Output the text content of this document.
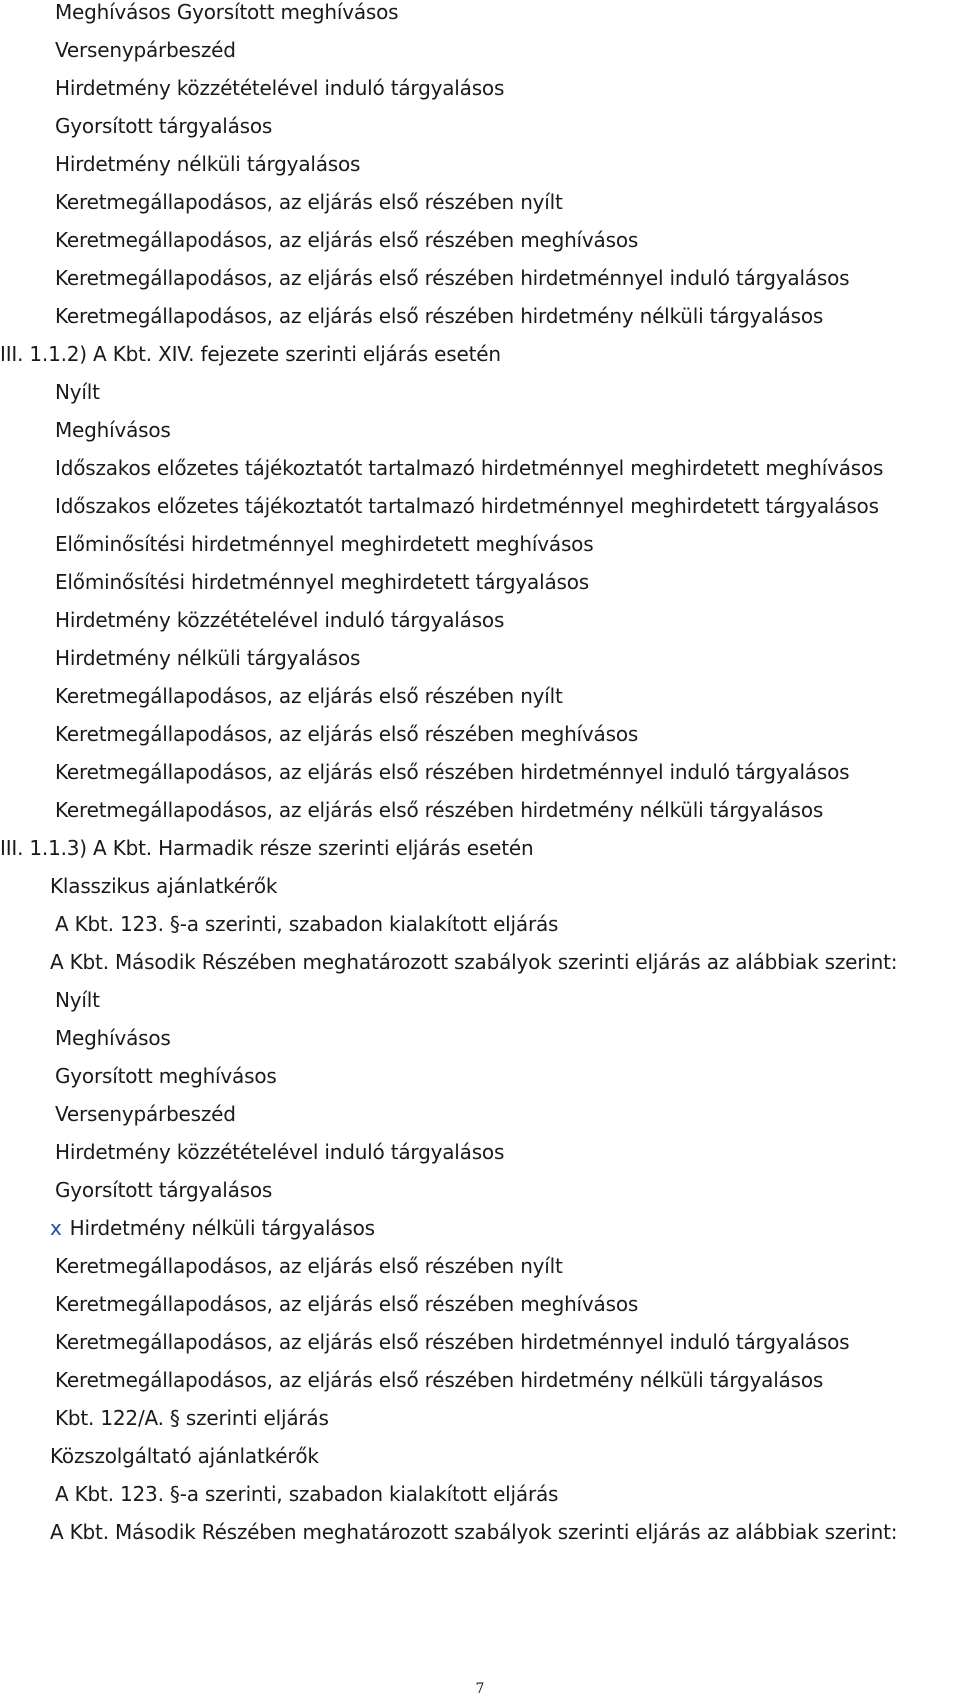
Meghívásos Gyorsított meghívásos
Versenypárbeszéd
Hirdetmény közzétételével induló tárgyalásos
Gyorsított tárgyalásos
Hirdetmény nélküli tárgyalásos
Keretmegállapodásos, az eljárás első részében nyílt
Keretmegállapodásos, az eljárás első részében meghívásos
Keretmegállapodásos, az eljárás első részében hirdetménnyel induló tárgyalásos
Keretmegállapodásos, az eljárás első részében hirdetmény nélküli tárgyalásos
III. 1.1.2) A Kbt. XIV. fejezete szerinti eljárás esetén
Nyílt
Meghívásos
Időszakos előzetes tájékoztatót tartalmazó hirdetménnyel meghirdetett meghívásos
Időszakos előzetes tájékoztatót tartalmazó hirdetménnyel meghirdetett tárgyalásos
Előminősítési hirdetménnyel meghirdetett meghívásos
Előminősítési hirdetménnyel meghirdetett tárgyalásos
Hirdetmény közzétételével induló tárgyalásos
Hirdetmény nélküli tárgyalásos
Keretmegállapodásos, az eljárás első részében nyílt
Keretmegállapodásos, az eljárás első részében meghívásos
Keretmegállapodásos, az eljárás első részében hirdetménnyel induló tárgyalásos
Keretmegállapodásos, az eljárás első részében hirdetmény nélküli tárgyalásos
III. 1.1.3) A Kbt. Harmadik része szerinti eljárás esetén
Klasszikus ajánlatkérők
A Kbt. 123. §-a szerinti, szabadon kialakított eljárás
A Kbt. Második Részében meghatározott szabályok szerinti eljárás az alábbiak szerint:
Nyílt
Meghívásos
Gyorsított meghívásos
Versenypárbeszéd
Hirdetmény közzétételével induló tárgyalásos
Gyorsított tárgyalásos
x Hirdetmény nélküli tárgyalásos
Keretmegállapodásos, az eljárás első részében nyílt
Keretmegállapodásos, az eljárás első részében meghívásos
Keretmegállapodásos, az eljárás első részében hirdetménnyel induló tárgyalásos
Keretmegállapodásos, az eljárás első részében hirdetmény nélküli tárgyalásos
Kbt. 122/A. § szerinti eljárás
Közszolgáltató ajánlatkérők
A Kbt. 123. §-a szerinti, szabadon kialakított eljárás
A Kbt. Második Részében meghatározott szabályok szerinti eljárás az alábbiak szerint:
7
